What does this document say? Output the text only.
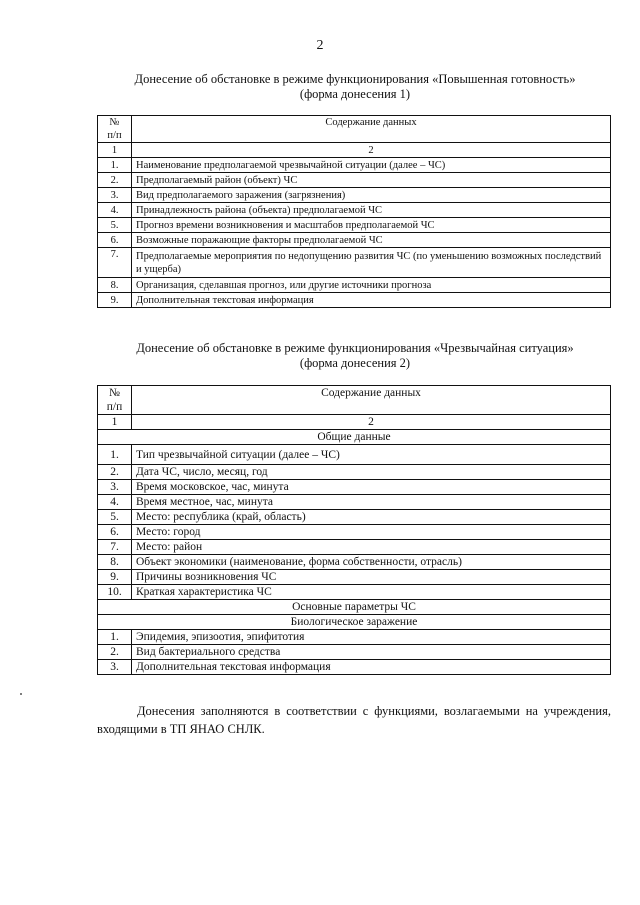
2
Донесение об обстановке в режиме функционирования «Повышенная готовность»
(форма донесения 1)
№
п/п	Содержание данных
1	2
1.	Наименование предполагаемой чрезвычайной ситуации (далее – ЧС)
2.	Предполагаемый район (объект) ЧС
3.	Вид предполагаемого заражения (загрязнения)
4.	Принадлежность района (объекта) предполагаемой ЧС
5.	Прогноз времени возникновения и масштабов предполагаемой ЧС
6.	Возможные поражающие факторы предполагаемой ЧС
7.	Предполагаемые мероприятия по недопущению развития ЧС (по уменьшению возможных последствий и ущерба)
8.	Организация, сделавшая прогноз, или другие источники прогноза
9.	Дополнительная текстовая информация
Донесение об обстановке в режиме функционирования «Чрезвычайная ситуация»
(форма донесения 2)
№
п/п	Содержание данных
1	2
Общие данные	
1.	Тип чрезвычайной ситуации (далее – ЧС)
2.	Дата ЧС, число, месяц, год
3.	Время московское, час, минута
4.	Время местное, час, минута
5.	Место: республика (край, область)
6.	Место: город
7.	Место: район
8.	Объект экономики (наименование, форма собственности, отрасль)
9.	Причины возникновения ЧС
10.	Краткая характеристика ЧС
Основные параметры ЧС	
Биологическое заражение	
1.	Эпидемия, эпизоотия, эпифитотия
2.	Вид бактериального средства
3.	Дополнительная текстовая информация
Донесения заполняются в соответствии с функциями, возлагаемыми на учреждения, входящими в ТП ЯНАО СНЛК.
